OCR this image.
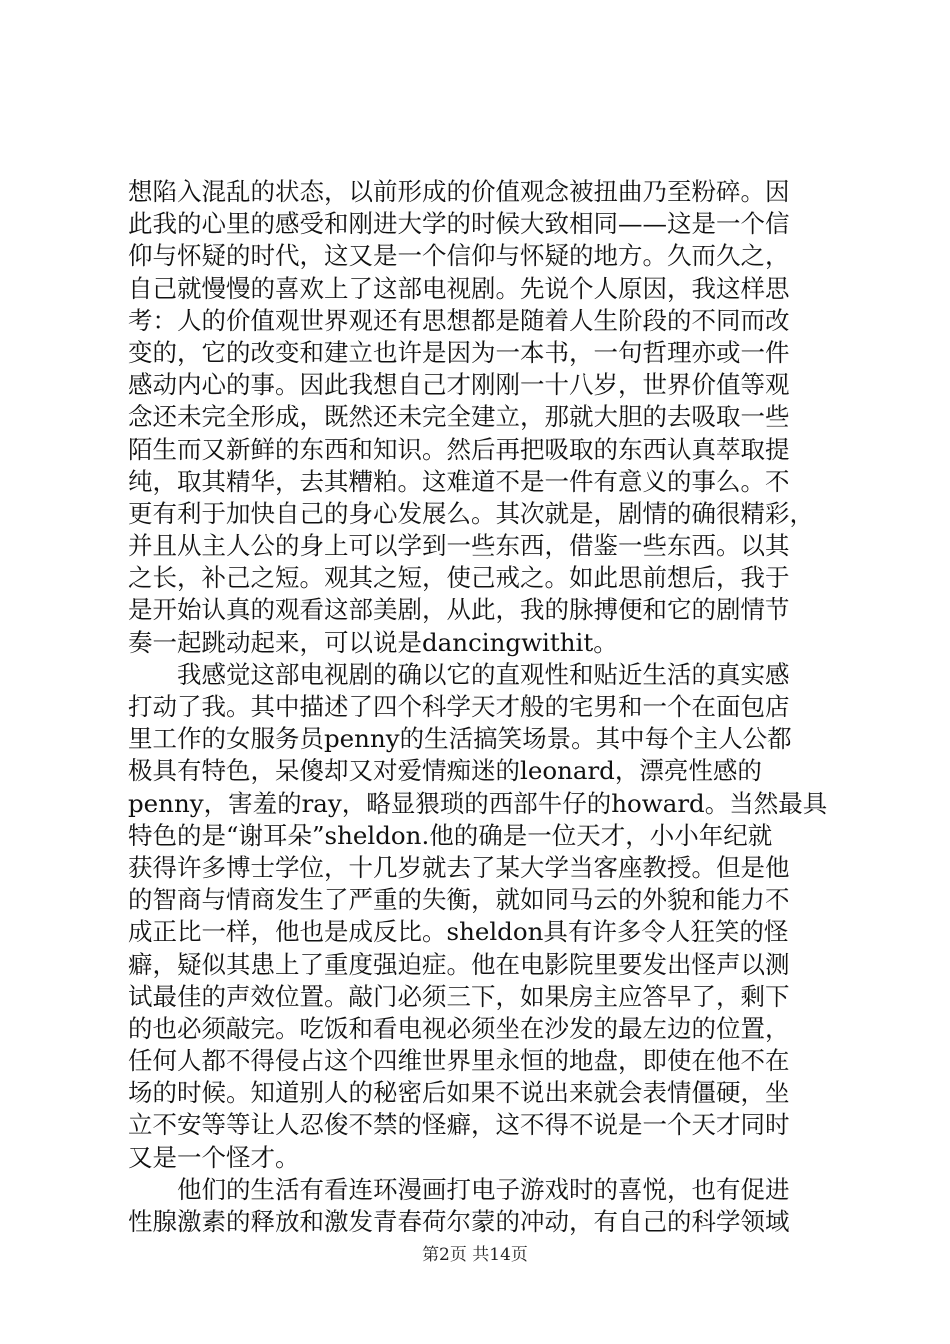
想陷入混乱的状态，以前形成的价值观念被扭曲乃至粉碎。因
此我的心里的感受和刚进大学的时候大致相同——这是一个信
仰与怀疑的时代，这又是一个信仰与怀疑的地方。久而久之，
自己就慢慢的喜欢上了这部电视剧。先说个人原因，我这样思
考：人的价值观世界观还有思想都是随着人生阶段的不同而改
变的，它的改变和建立也许是因为一本书，一句哲理亦或一件
感动内心的事。因此我想自己才刚刚一十八岁，世界价值等观
念还未完全形成，既然还未完全建立，那就大胆的去吸取一些
陌生而又新鲜的东西和知识。然后再把吸取的东西认真萃取提
纯，取其精华，去其糟粕。这难道不是一件有意义的事么。不
更有利于加快自己的身心发展么。其次就是，剧情的确很精彩，
并且从主人公的身上可以学到一些东西，借鉴一些东西。以其
之长，补己之短。观其之短，使己戒之。如此思前想后，我于
是开始认真的观看这部美剧，从此，我的脉搏便和它的剧情节
奏一起跳动起来，可以说是dancingwithit。
我感觉这部电视剧的确以它的直观性和贴近生活的真实感
打动了我。其中描述了四个科学天才般的宅男和一个在面包店
里工作的女服务员penny的生活搞笑场景。其中每个主人公都
极具有特色，呆傻却又对爱情痴迷的leonard，漂亮性感的
penny，害羞的ray，略显猥琐的西部牛仔的howard。当然最具
特色的是“谢耳朵”sheldon.他的确是一位天才，小小年纪就
获得许多博士学位，十几岁就去了某大学当客座教授。但是他
的智商与情商发生了严重的失衡，就如同马云的外貌和能力不
成正比一样，他也是成反比。sheldon具有许多令人狂笑的怪
癖，疑似其患上了重度强迫症。他在电影院里要发出怪声以测
试最佳的声效位置。敲门必须三下，如果房主应答早了，剩下
的也必须敲完。吃饭和看电视必须坐在沙发的最左边的位置，
任何人都不得侵占这个四维世界里永恒的地盘，即使在他不在
场的时候。知道别人的秘密后如果不说出来就会表情僵硬，坐
立不安等等让人忍俊不禁的怪癖，这不得不说是一个天才同时
又是一个怪才。
他们的生活有看连环漫画打电子游戏时的喜悦，也有促进
性腺激素的释放和激发青春荷尔蒙的冲动，有自己的科学领域
第2页 共14页
